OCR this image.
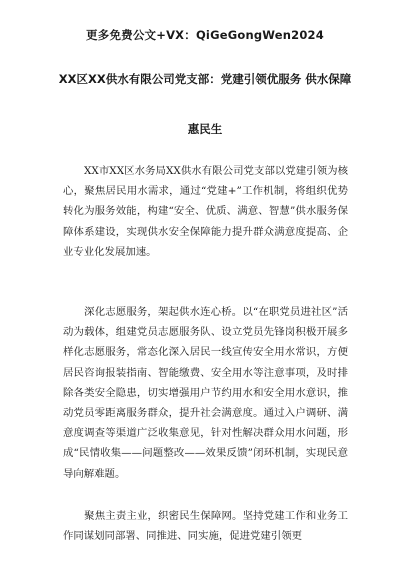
更多免费公文+VX：QiGeGongWen2024
XX区XX供水有限公司党支部：党建引领优服务 供水保障
惠民生

XX市XX区水务局XX供水有限公司党支部以党建引领为核心，聚焦居民用水需求，通过“党建+”工作机制，将组织优势转化为服务效能，构建“安全、优质、满意、智慧”供水服务保障体系建设，实现供水安全保障能力提升群众满意度提高、企业专业化发展加速。

深化志愿服务，架起供水连心桥。以“在职党员进社区”活动为载体，组建党员志愿服务队、设立党员先锋岗积极开展多样化志愿服务，常态化深入居民一线宣传安全用水常识，方便居民咨询报装指南、智能缴费、安全用水等注意事项，及时排除各类安全隐患，切实增强用户节约用水和安全用水意识，推动党员零距离服务群众，提升社会满意度。通过入户调研、满意度调查等渠道广泛收集意见，针对性解决群众用水问题，形成“民情收集——问题整改——效果反馈”闭环机制，实现民意导向解难题。

聚焦主责主业，织密民生保障网。坚持党建工作和业务工作同谋划同部署、同推进、同实施，促进党建引领更
